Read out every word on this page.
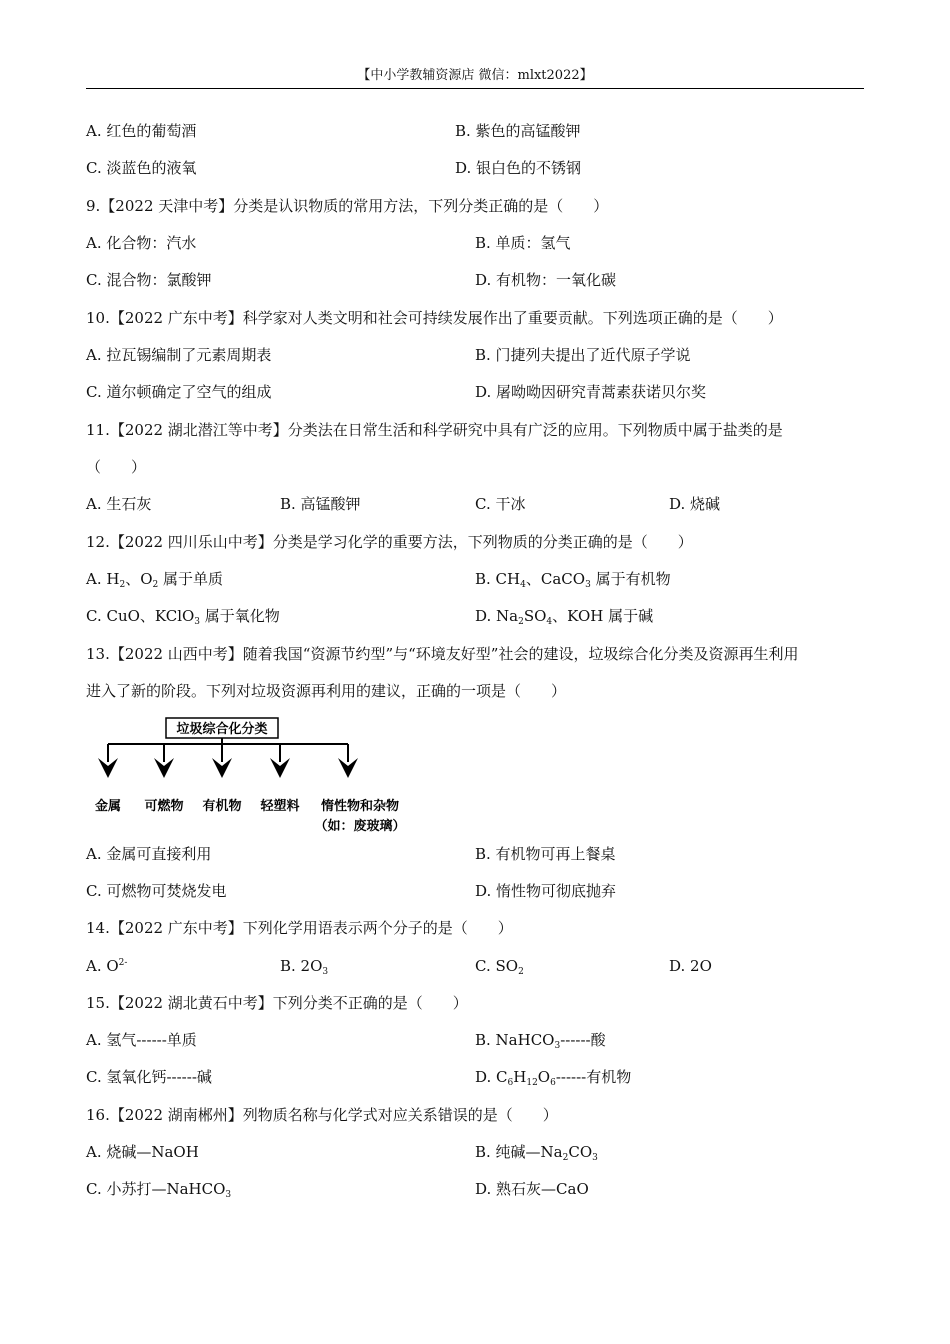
【中小学教辅资源店 微信：mlxt2022】
A. 红色的葡萄酒	B. 紫色的高锰酸钾
C. 淡蓝色的液氧	D. 银白色的不锈钢
9.【2022 天津中考】分类是认识物质的常用方法，下列分类正确的是（　　）
A. 化合物：汽水	B. 单质：氢气
C. 混合物：氯酸钾	D. 有机物：一氧化碳
10.【2022 广东中考】科学家对人类文明和社会可持续发展作出了重要贡献。下列选项正确的是（　　）
A. 拉瓦锡编制了元素周期表	B. 门捷列夫提出了近代原子学说
C. 道尔顿确定了空气的组成	D. 屠呦呦因研究青蒿素获诺贝尔奖
11.【2022 湖北潜江等中考】分类法在日常生活和科学研究中具有广泛的应用。下列物质中属于盐类的是
（　　）
A. 生石灰	B. 高锰酸钾	C. 干冰	D. 烧碱
12.【2022 四川乐山中考】分类是学习化学的重要方法，下列物质的分类正确的是（　　）
A. $H_2$、$O_2$ 属于单质	B. $CH_4$、CaCO$_3$ 属于有机物
C. CuO、KClO$_3$ 属于氧化物	D. $Na_2SO_4$、KOH 属于碱
13.【2022 山西中考】随着我国“资源节约型”与“环境友好型”社会的建设，垃圾综合化分类及资源再生利用
进入了新的阶段。下列对垃圾资源再利用的建议，正确的一项是（　　）
垃圾综合化分类
金属 可燃物 有机物 轻塑料 惰性物和杂物
（如：废玻璃）
A. 金属可直接利用	B. 有机物可再上餐桌
C. 可燃物可焚烧发电	D. 惰性物可彻底抛弃
14.【2022 广东中考】下列化学用语表示两个分子的是（　　）
A. $O^{2-}$	B. $2O_3$	C. $SO_2$	D. 2O
15.【2022 湖北黄石中考】下列分类不正确的是（　　）
A. 氢气------单质	B. NaHCO$_3$------酸
C. 氢氧化钙------碱	D. $C_6H_{12}O_6------$有机物
16.【2022 湖南郴州】列物质名称与化学式对应关系错误的是（　　）
A. 烧碱—NaOH	B. 纯碱$—Na_2CO_3$
C. 小苏打—NaHCO$_3$	D. 熟石灰—CaO
